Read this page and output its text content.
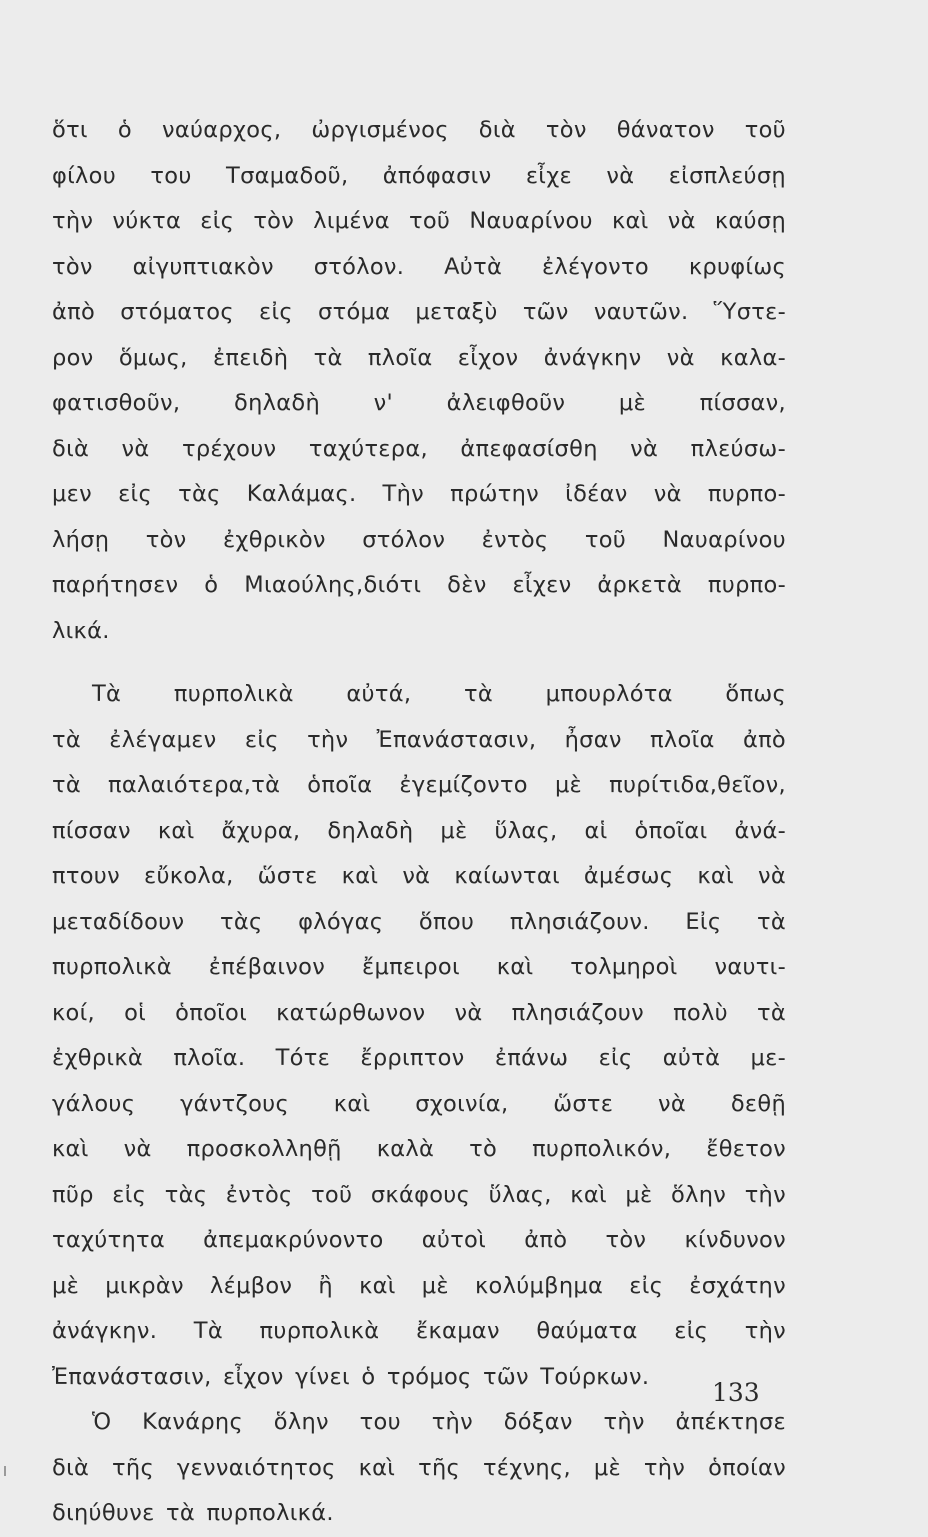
ὅτι ὁ ναύαρχος, ὠργισμένος διὰ τὸν θάνατον τοῦ
φίλου του Τσαμαδοῦ, ἀπόφασιν εἶχε νὰ εἰσπλεύσῃ
τὴν νύκτα εἰς τὸν λιμένα τοῦ Ναυαρίνου καὶ νὰ καύσῃ
τὸν αἰγυπτιακὸν στόλον. Αὐτὰ ἐλέγοντο κρυφίως
ἀπὸ στόματος εἰς στόμα μεταξὺ τῶν ναυτῶν. Ὕστε-
ρον ὅμως, ἐπειδὴ τὰ πλοῖα εἶχον ἀνάγκην νὰ καλα-
φατισθοῦν, δηλαδὴ ν' ἀλειφθοῦν μὲ πίσσαν,
διὰ νὰ τρέχουν ταχύτερα, ἀπεφασίσθη νὰ πλεύσω-
μεν εἰς τὰς Καλάμας. Τὴν πρώτην ἰδέαν νὰ πυρπο-
λήσῃ τὸν ἐχθρικὸν στόλον ἐντὸς τοῦ Ναυαρίνου
παρήτησεν ὁ Μιαούλης,διότι δὲν εἶχεν ἀρκετὰ πυρπο-
λικά.
Τὰ πυρπολικὰ αὐτά, τὰ μπουρλότα ὅπως
τὰ ἐλέγαμεν εἰς τὴν Ἐπανάστασιν, ἦσαν πλοῖα ἀπὸ
τὰ παλαιότερα,τὰ ὁποῖα ἐγεμίζοντο μὲ πυρίτιδα,θεῖον,
πίσσαν καὶ ἄχυρα, δηλαδὴ μὲ ὕλας, αἱ ὁποῖαι ἀνά-
πτουν εὔκολα, ὥστε καὶ νὰ καίωνται ἀμέσως καὶ νὰ
μεταδίδουν τὰς φλόγας ὅπου πλησιάζουν. Εἰς τὰ
πυρπολικὰ ἐπέβαινον ἔμπειροι καὶ τολμηροὶ ναυτι-
κοί, οἱ ὁποῖοι κατώρθωνον νὰ πλησιάζουν πολὺ τὰ
ἐχθρικὰ πλοῖα. Τότε ἔρριπτον ἐπάνω εἰς αὐτὰ με-
γάλους γάντζους καὶ σχοινία, ὥστε νὰ δεθῇ
καὶ νὰ προσκολληθῇ καλὰ τὸ πυρπολικόν, ἔθετον
πῦρ εἰς τὰς ἐντὸς τοῦ σκάφους ὕλας, καὶ μὲ ὅλην τὴν
ταχύτητα ἀπεμακρύνοντο αὐτοὶ ἀπὸ τὸν κίνδυνον
μὲ μικρὰν λέμβον ἢ καὶ μὲ κολύμβημα εἰς ἐσχάτην
ἀνάγκην. Τὰ πυρπολικὰ ἔκαμαν θαύματα εἰς τὴν
Ἐπανάστασιν, εἶχον γίνει ὁ τρόμος τῶν Τούρκων.
Ὁ Κανάρης ὅλην του τὴν δόξαν τὴν ἀπέκτησε
διὰ τῆς γενναιότητος καὶ τῆς τέχνης, μὲ τὴν ὁποίαν
διηύθυνε τὰ πυρπολικά.
133
